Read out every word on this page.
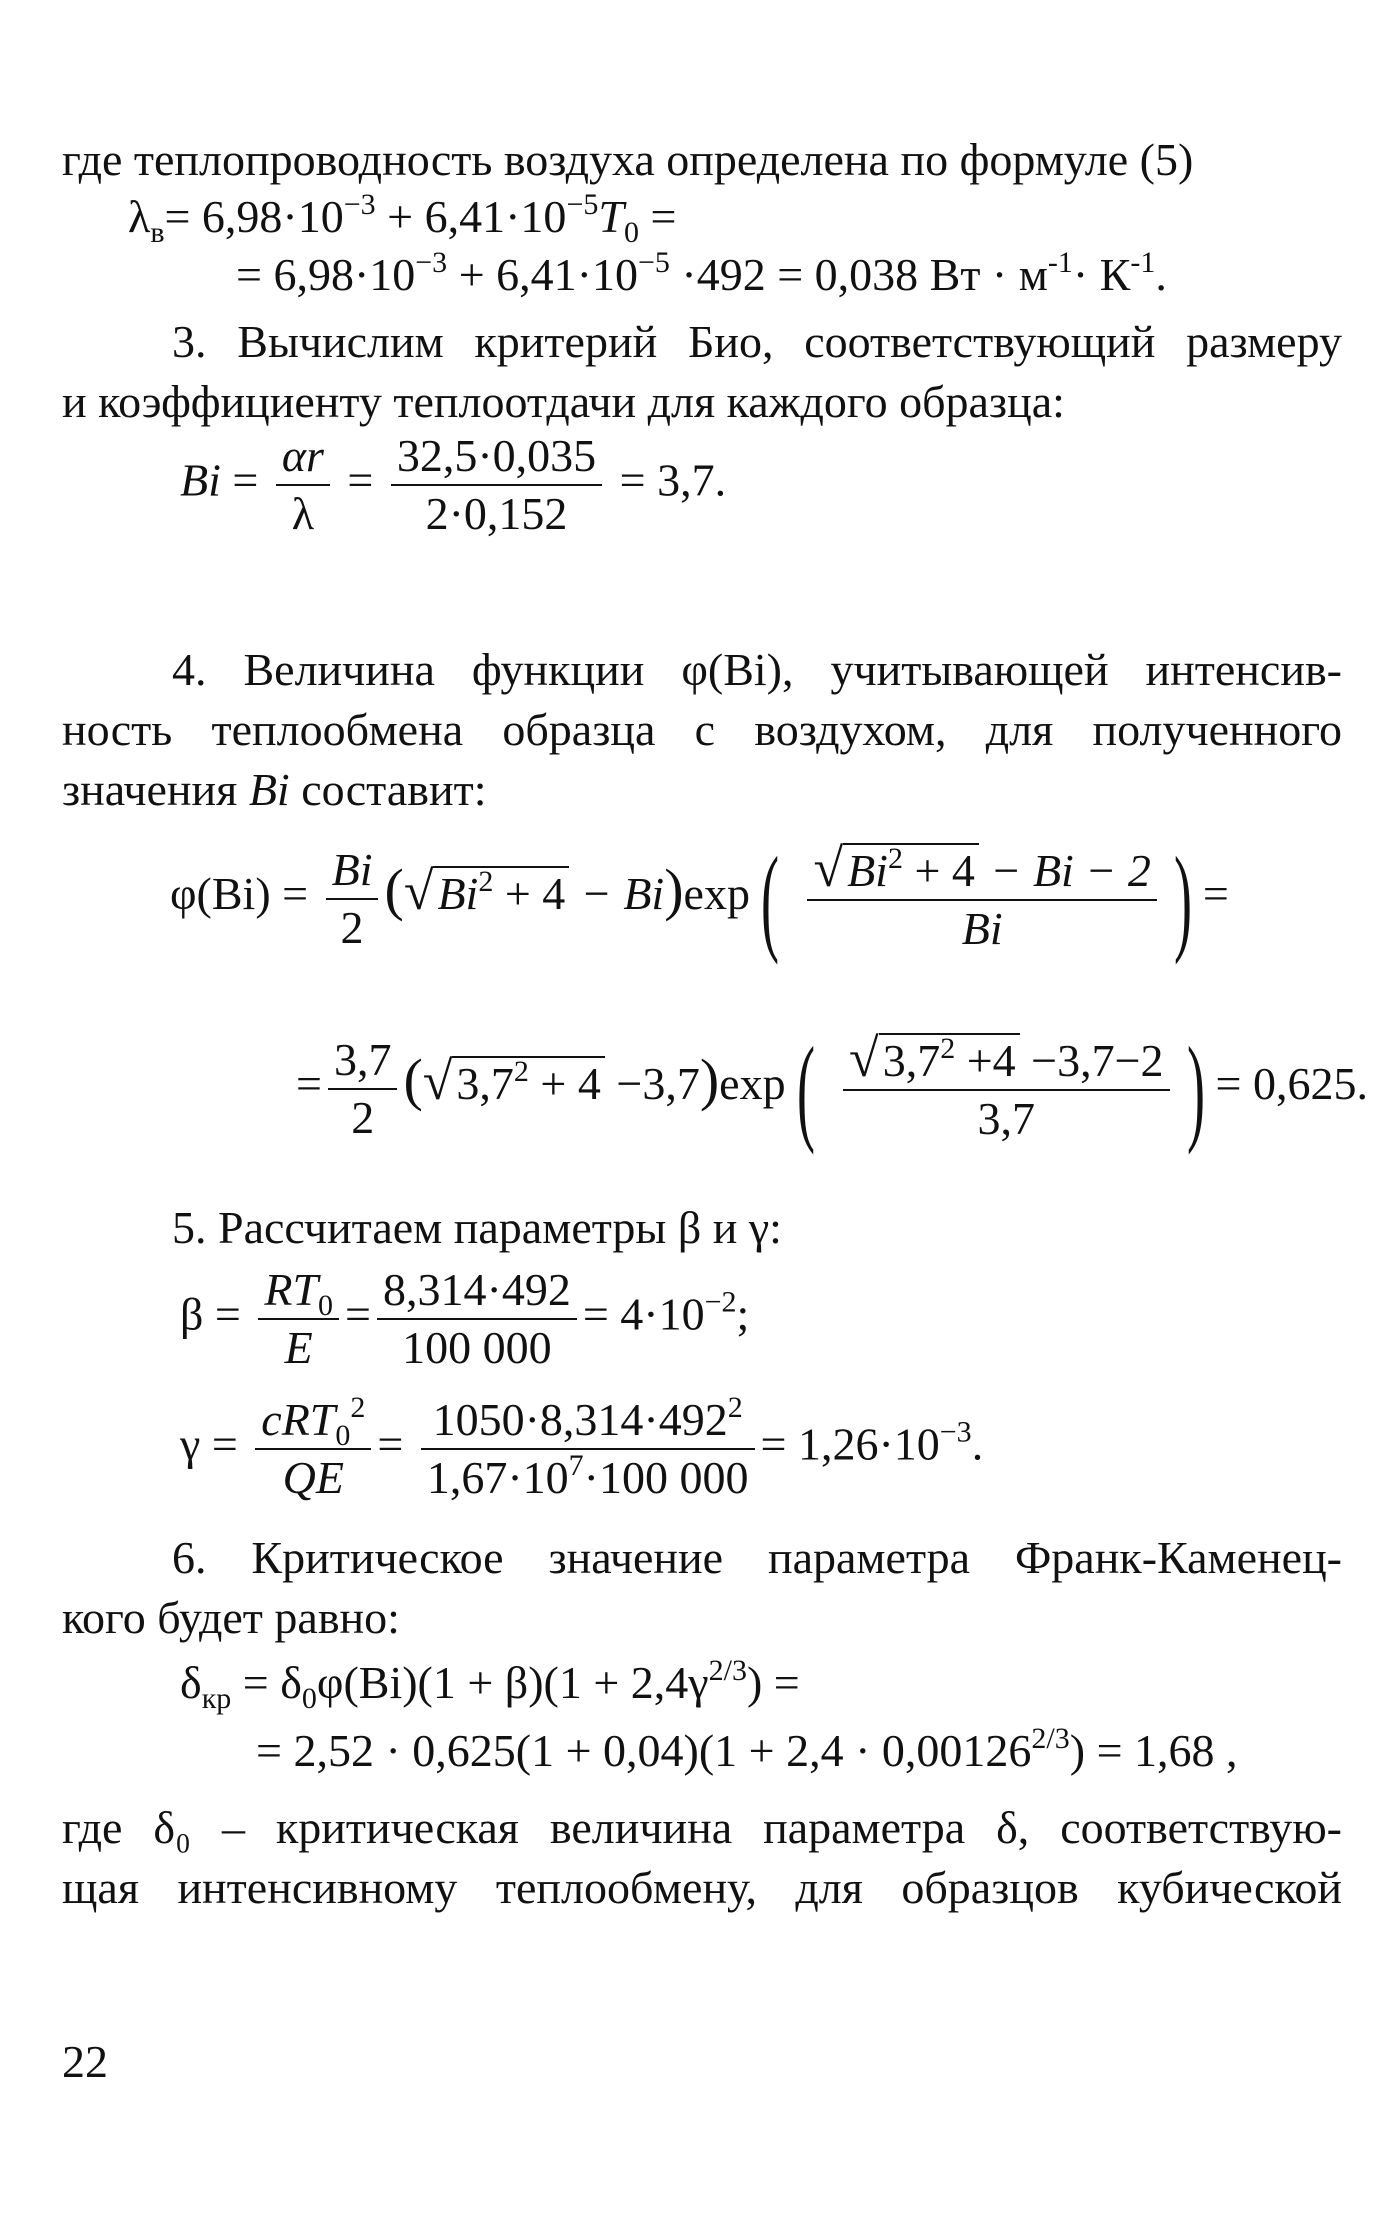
где теплопроводность воздуха определена по формуле (5)
$\lambda_в= 6,98\cdot 10^{-3} + 6,41\cdot 10^{-5}T_0$ =
= $6,98\cdot 10^{-3} + 6,41\cdot 10^{-5} \cdot 492 = 0,038$ Вт · $м^{-1}\cdot К^{-1}$.
3. Вычислим критерий Био, соответствующий размеру
и коэффициенту теплоотдачи для каждого образца:
$Bi = \frac{\alpha r}{\lambda} = \frac{32,5\cdot 0,035}{2\cdot 0,152} = 3,7$.
4. Величина функции φ(Bi), учитывающей интенсив-
ность теплообмена образца с воздухом, для полученного
значения Bi составит:
$\varphi(Bi) = \frac{Bi}{2} (√Bi^2 + 4 - Bi)\exp( \frac{√Bi^2 + 4 - Bi - 2}{Bi}$ ) =
= $\frac{3,7}{2} (√3,7^2 + 4 -3,7)\exp( \frac{√3,7^2 +4 -3,7-2}{3,7}$ ) = 0,625.
5. Рассчитаем параметры β и γ:
$\beta = \frac{RT_0}{E} = \frac{8,314\cdot 492}{100 000} = 4\cdot 10^{-2}$;
$\gamma = \frac{cRT_0^2}{QE} = \frac{1050\cdot 8,314\cdot 492^2}{1,67\cdot 10^7\cdot 100 000} = 1,26\cdot 10^{-3}$.
6. Критическое значение параметра Франк-Каменец-
кого будет равно:
$\delta_{кр} = \delta_0\varphi(Bi)(1 + \beta)(1 + 2,4\gamma^{2/3})$ =
= $2,52 \cdot 0,625(1 + 0,04)(1 + 2,4 \cdot 0,00126^{2/3}) = 1,68$ ,
где δ₀ – критическая величина параметра δ, соответствую-
щая интенсивному теплообмену, для образцов кубической
22
